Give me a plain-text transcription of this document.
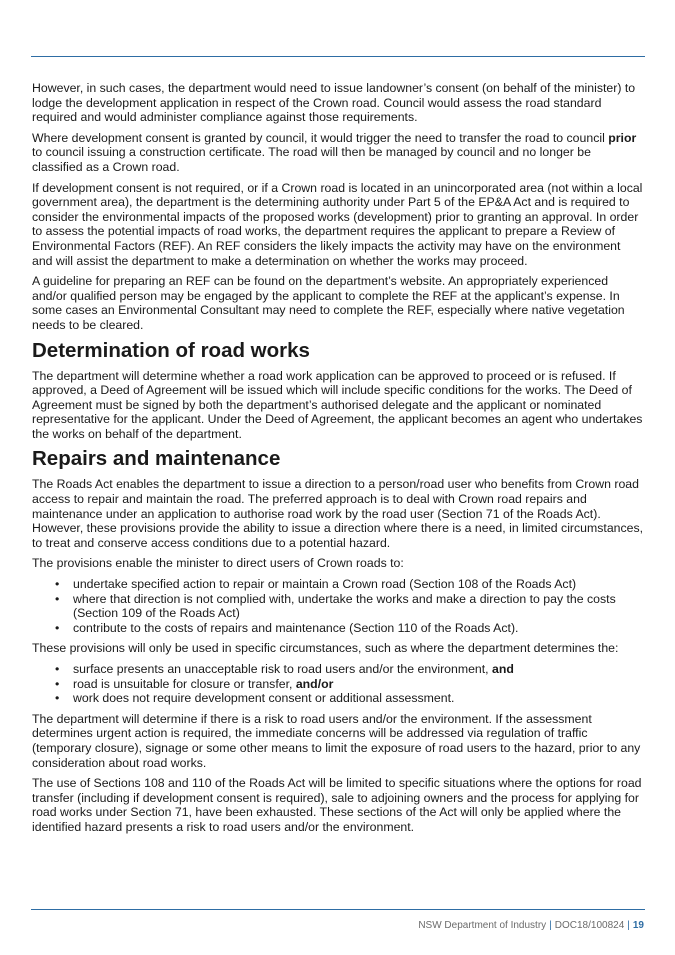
However, in such cases, the department would need to issue landowner’s consent (on behalf of the minister) to lodge the development application in respect of the Crown road. Council would assess the road standard required and would administer compliance against those requirements.

Where development consent is granted by council, it would trigger the need to transfer the road to council prior to council issuing a construction certificate. The road will then be managed by council and no longer be classified as a Crown road.

If development consent is not required, or if a Crown road is located in an unincorporated area (not within a local government area), the department is the determining authority under Part 5 of the EP&A Act and is required to consider the environmental impacts of the proposed works (development) prior to granting an approval. In order to assess the potential impacts of road works, the department requires the applicant to prepare a Review of Environmental Factors (REF). An REF considers the likely impacts the activity may have on the environment and will assist the department to make a determination on whether the works may proceed.

A guideline for preparing an REF can be found on the department’s website. An appropriately experienced and/or qualified person may be engaged by the applicant to complete the REF at the applicant’s expense. In some cases an Environmental Consultant may need to complete the REF, especially where native vegetation needs to be cleared.

Determination of road works

The department will determine whether a road work application can be approved to proceed or is refused. If approved, a Deed of Agreement will be issued which will include specific conditions for the works. The Deed of Agreement must be signed by both the department’s authorised delegate and the applicant or nominated representative for the applicant. Under the Deed of Agreement, the applicant becomes an agent who undertakes the works on behalf of the department.

Repairs and maintenance

The Roads Act enables the department to issue a direction to a person/road user who benefits from Crown road access to repair and maintain the road. The preferred approach is to deal with Crown road repairs and maintenance under an application to authorise road work by the road user (Section 71 of the Roads Act). However, these provisions provide the ability to issue a direction where there is a need, in limited circumstances, to treat and conserve access conditions due to a potential hazard.

The provisions enable the minister to direct users of Crown roads to:

• undertake specified action to repair or maintain a Crown road (Section 108 of the Roads Act)
• where that direction is not complied with, undertake the works and make a direction to pay the costs (Section 109 of the Roads Act)
• contribute to the costs of repairs and maintenance (Section 110 of the Roads Act).

These provisions will only be used in specific circumstances, such as where the department determines the:

• surface presents an unacceptable risk to road users and/or the environment, and
• road is unsuitable for closure or transfer, and/or
• work does not require development consent or additional assessment.

The department will determine if there is a risk to road users and/or the environment. If the assessment determines urgent action is required, the immediate concerns will be addressed via regulation of traffic (temporary closure), signage or some other means to limit the exposure of road users to the hazard, prior to any consideration about road works.

The use of Sections 108 and 110 of the Roads Act will be limited to specific situations where the options for road transfer (including if development consent is required), sale to adjoining owners and the process for applying for road works under Section 71, have been exhausted. These sections of the Act will only be applied where the identified hazard presents a risk to road users and/or the environment.

NSW Department of Industry | DOC18/100824 | 19
